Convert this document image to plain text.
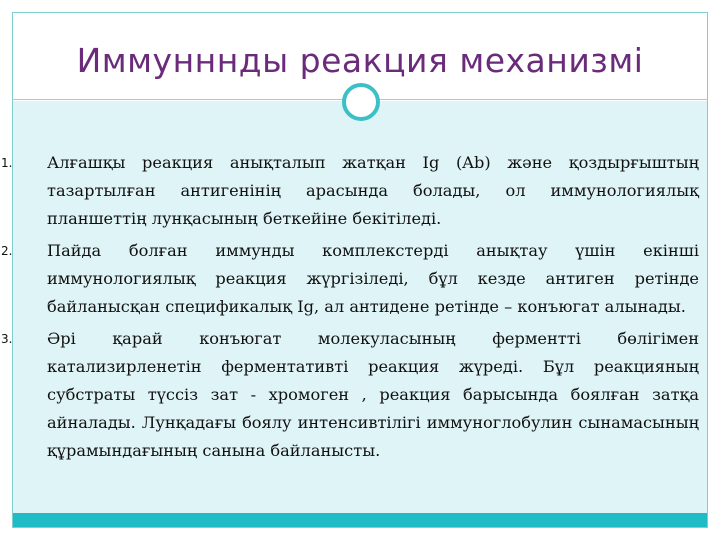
Иммунннды реакция механизмі
1. Алғашқы реакция анықталып жатқан Ig (Ab) және қоздырғыштың тазартылған антигенінің арасында болады, ол иммунологиялық планшеттің лунқасының беткейіне бекітіледі.
2. Пайда болған иммунды комплекстерді анықтау үшін екінші иммунологиялық реакция жүргізіледі, бұл кезде антиген ретінде байланысқан спецификалық Ig, ал антидене ретінде – конъюгат алынады.
3. Әрі қарай конъюгат молекуласының ферментті бөлігімен катализирленетін ферментативті реакция жүреді. Бұл реакцияның субстраты түссіз зат - хромоген , реакция барысында боялған затқа айналады. Лунқадағы боялу интенсивтілігі иммуноглобулин сынамасының құрамындағының санына байланысты.
